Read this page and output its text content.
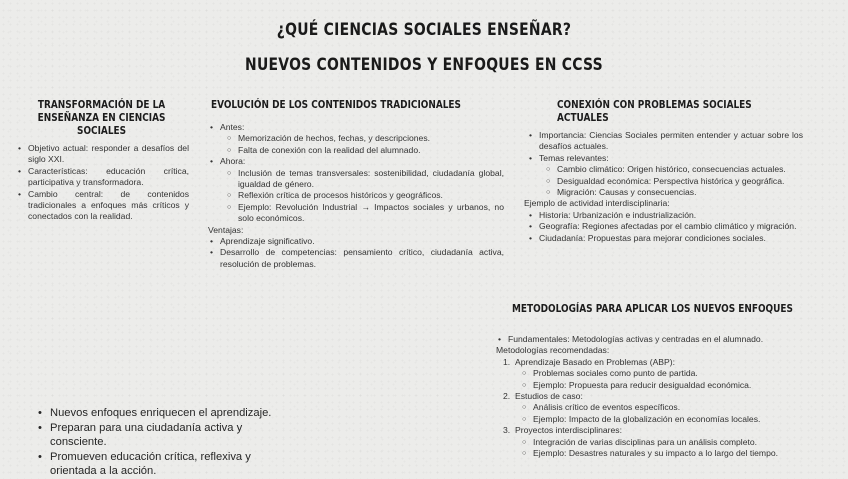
¿QUÉ CIENCIAS SOCIALES ENSEÑAR?
NUEVOS CONTENIDOS Y ENFOQUES EN CCSS
TRANSFORMACIÓN DE LA ENSEÑANZA EN CIENCIAS SOCIALES
• Objetivo actual: responder a desafíos del siglo XXI.
• Características: educación crítica, participativa y transformadora.
• Cambio central: de contenidos tradicionales a enfoques más críticos y conectados con la realidad.
EVOLUCIÓN DE LOS CONTENIDOS TRADICIONALES
• Antes:
○ Memorización de hechos, fechas, y descripciones.
○ Falta de conexión con la realidad del alumnado.
• Ahora:
○ Inclusión de temas transversales: sostenibilidad, ciudadanía global, igualdad de género.
○ Reflexión crítica de procesos históricos y geográficos.
○ Ejemplo: Revolución Industrial → Impactos sociales y urbanos, no solo económicos.
Ventajas:
• Aprendizaje significativo.
• Desarrollo de competencias: pensamiento crítico, ciudadanía activa, resolución de problemas.
CONEXIÓN CON PROBLEMAS SOCIALES ACTUALES
• Importancia: Ciencias Sociales permiten entender y actuar sobre los desafíos actuales.
• Temas relevantes:
○ Cambio climático: Origen histórico, consecuencias actuales.
○ Desigualdad económica: Perspectiva histórica y geográfica.
○ Migración: Causas y consecuencias.
Ejemplo de actividad interdisciplinaria:
• Historia: Urbanización e industrialización.
• Geografía: Regiones afectadas por el cambio climático y migración.
• Ciudadanía: Propuestas para mejorar condiciones sociales.
METODOLOGÍAS PARA APLICAR LOS NUEVOS ENFOQUES
• Fundamentales: Metodologías activas y centradas en el alumnado.
Metodologías recomendadas:
1. Aprendizaje Basado en Problemas (ABP):
○ Problemas sociales como punto de partida.
○ Ejemplo: Propuesta para reducir desigualdad económica.
2. Estudios de caso:
○ Análisis crítico de eventos específicos.
○ Ejemplo: Impacto de la globalización en economías locales.
3. Proyectos interdisciplinares:
○ Integración de varias disciplinas para un análisis completo.
○ Ejemplo: Desastres naturales y su impacto a lo largo del tiempo.
• Nuevos enfoques enriquecen el aprendizaje.
• Preparan para una ciudadanía activa y consciente.
• Promueven educación crítica, reflexiva y orientada a la acción.
